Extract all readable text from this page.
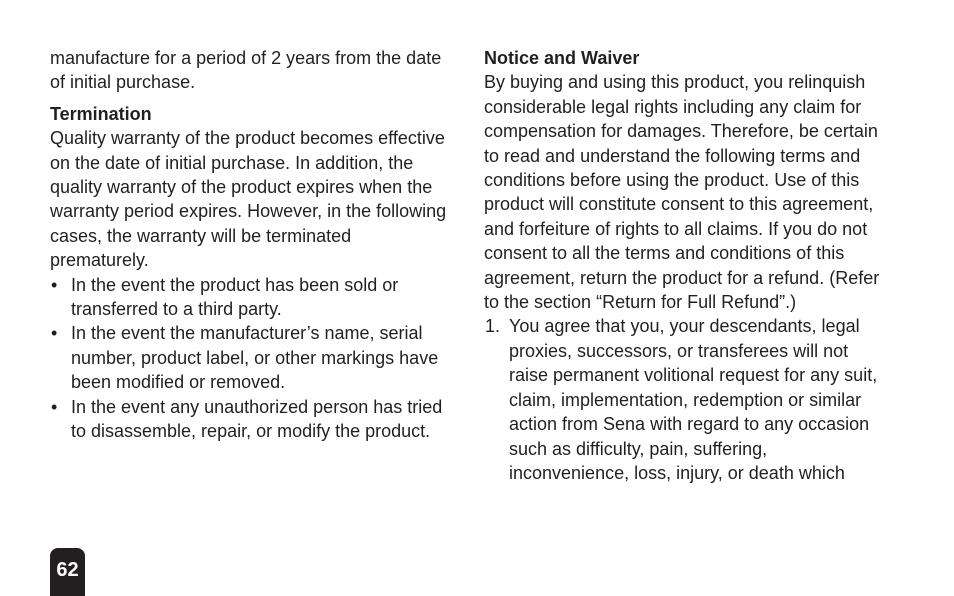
manufacture for a period of 2 years from the date of initial purchase.

Termination

Quality warranty of the product becomes effective on the date of initial purchase. In addition, the quality warranty of the product expires when the warranty period expires. However, in the following cases, the warranty will be terminated prematurely.

• In the event the product has been sold or transferred to a third party.
• In the event the manufacturer’s name, serial number, product label, or other markings have been modified or removed.
• In the event any unauthorized person has tried to disassemble, repair, or modify the product.

Notice and Waiver

By buying and using this product, you relinquish considerable legal rights including any claim for compensation for damages. Therefore, be certain to read and understand the following terms and conditions before using the product. Use of this product will constitute consent to this agreement, and forfeiture of rights to all claims. If you do not consent to all the terms and conditions of this agreement, return the product for a refund. (Refer to the section “Return for Full Refund”.)

1. You agree that you, your descendants, legal proxies, successors, or transferees will not raise permanent volitional request for any suit, claim, implementation, redemption or similar action from Sena with regard to any occasion such as difficulty, pain, suffering, inconvenience, loss, injury, or death which
62
